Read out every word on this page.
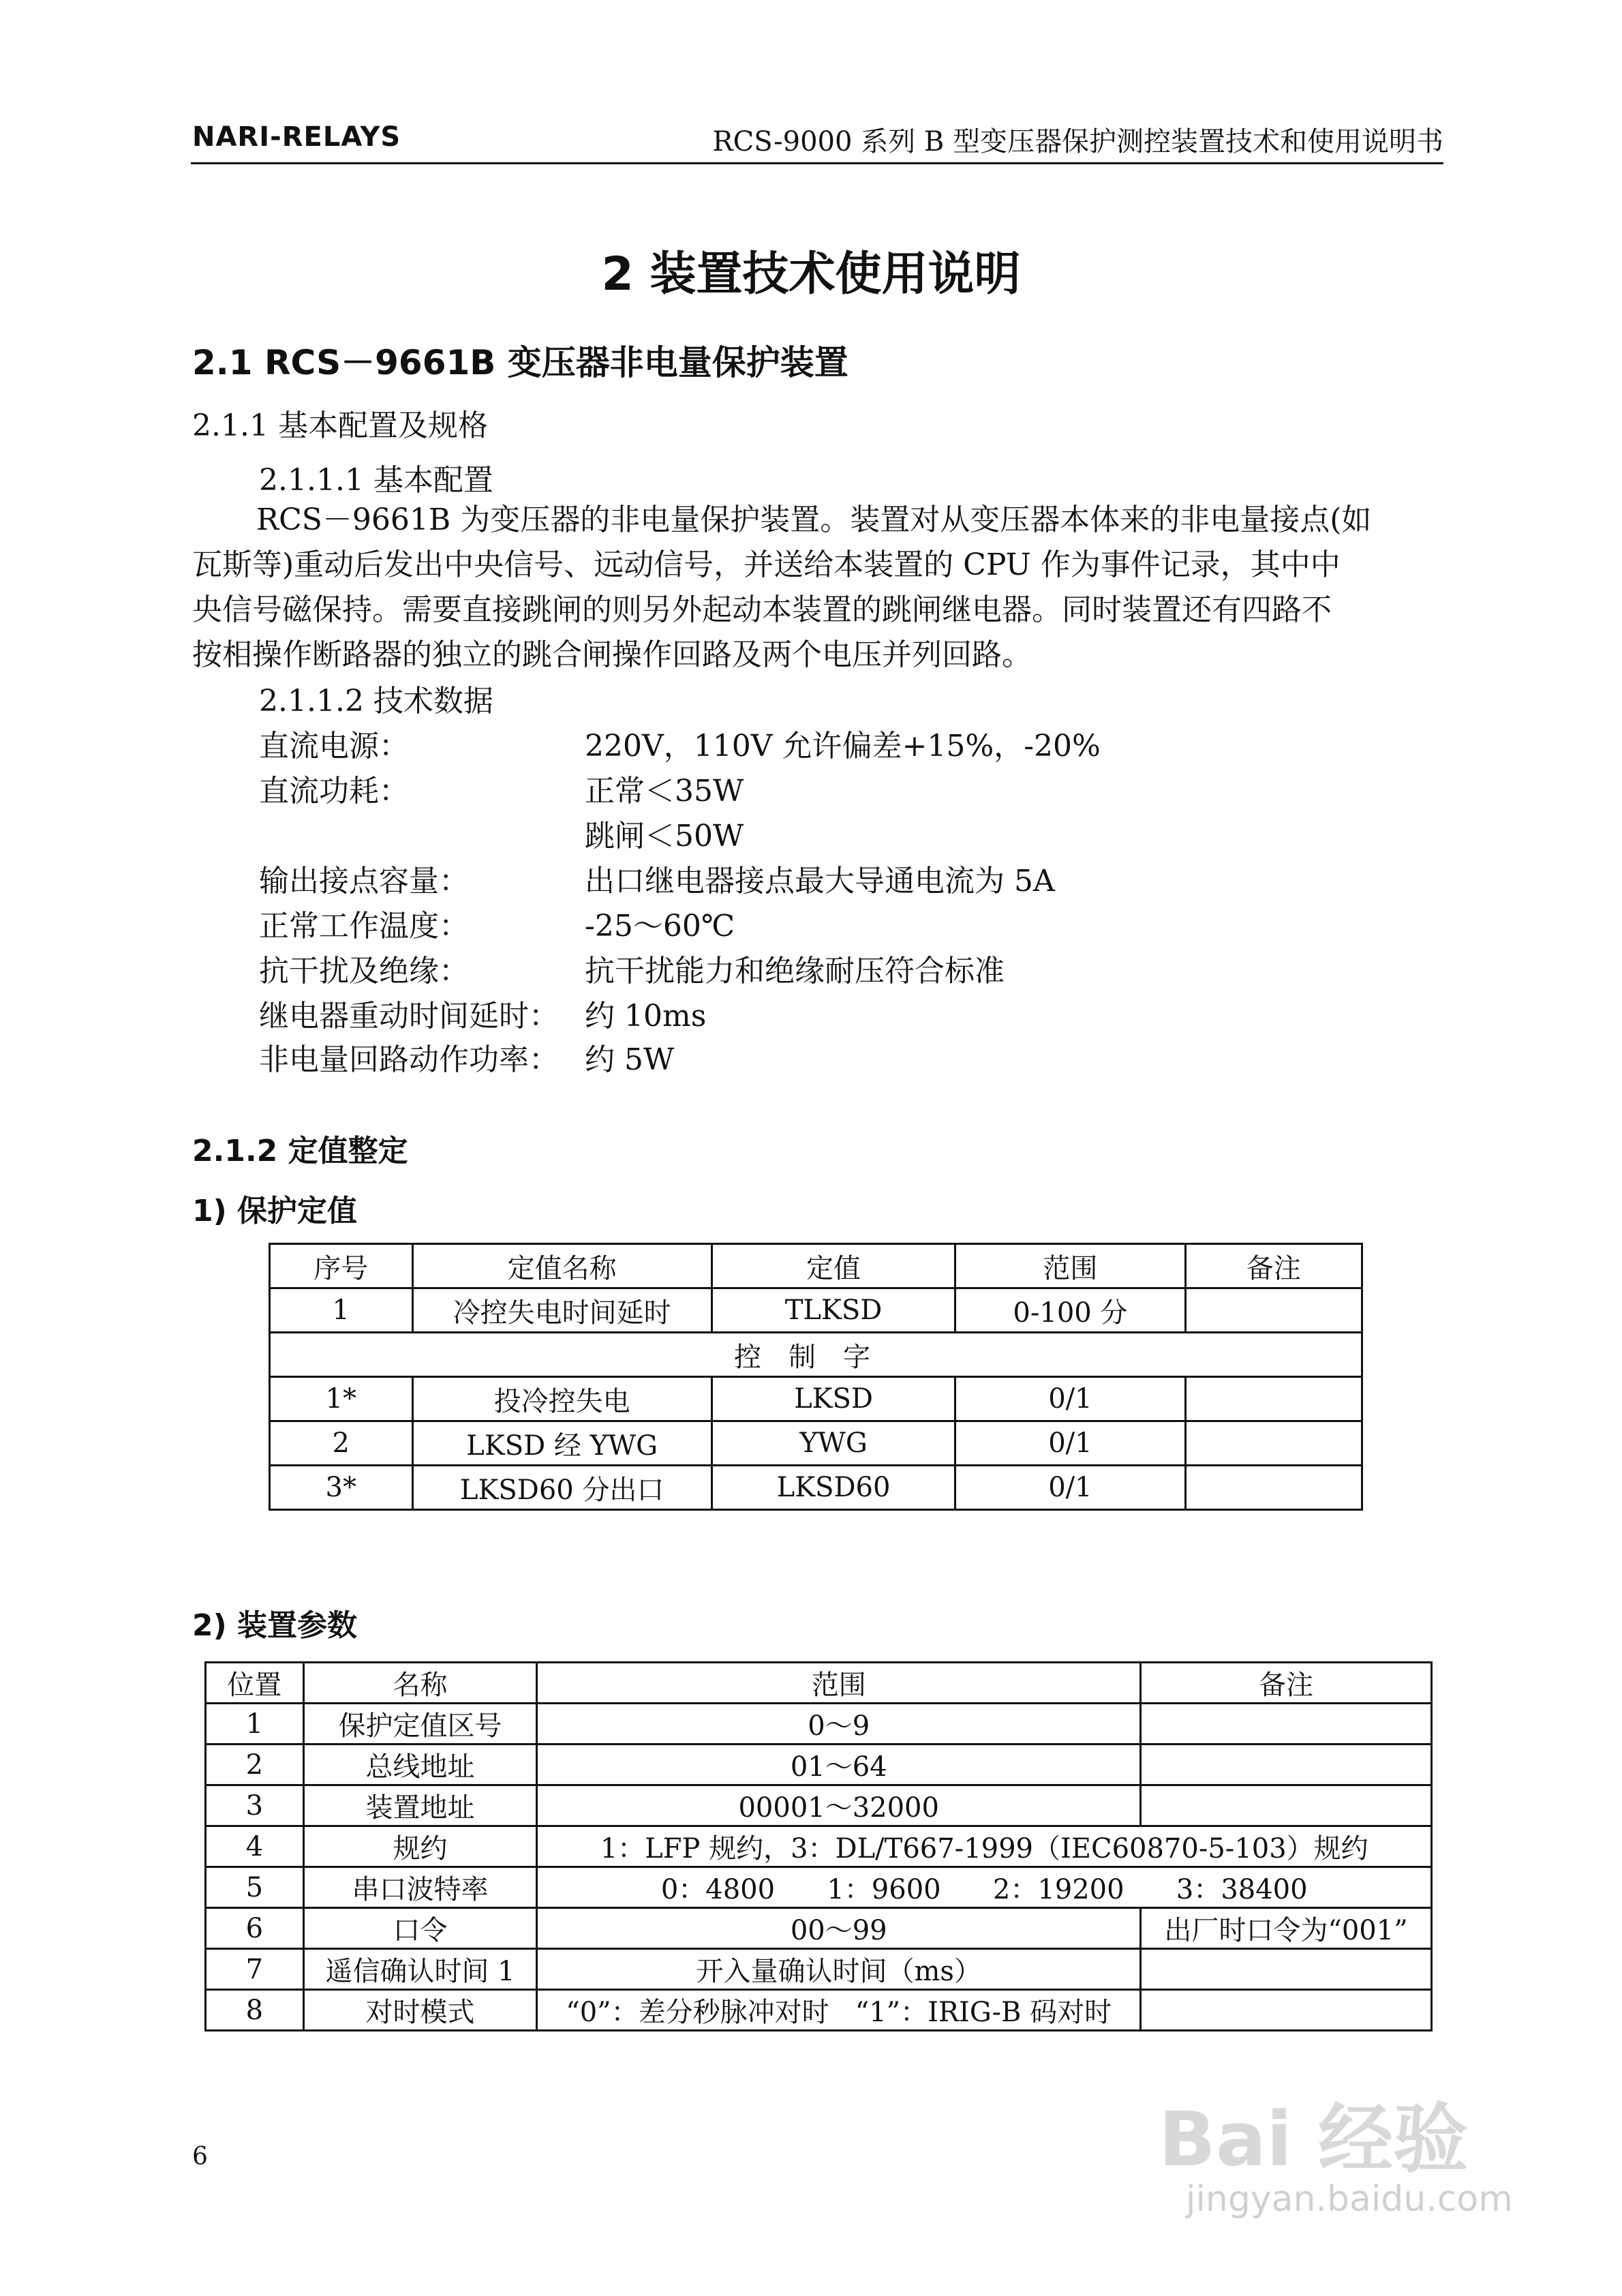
NARI-RELAYS	RCS-9000 系列 B 型变压器保护测控装置技术和使用说明书
2 装置技术使用说明
2.1 RCS－9661B 变压器非电量保护装置
2.1.1 基本配置及规格
2.1.1.1 基本配置

RCS－9661B 为变压器的非电量保护装置。装置对从变压器本体来的非电量接点(如

瓦斯等)重动后发出中央信号、远动信号，并送给本装置的 CPU 作为事件记录，其中中

央信号磁保持。需要直接跳闸的则另外起动本装置的跳闸继电器。同时装置还有四路不

按相操作断路器的独立的跳合闸操作回路及两个电压并列回路。

2.1.1.2 技术数据
直流电源：	220V，110V 允许偏差+15%，-20%
直流功耗：	正常＜35W
跳闸＜50W
输出接点容量：	出口继电器接点最大导通电流为 5A
正常工作温度：	-25～60℃
抗干扰及绝缘：	抗干扰能力和绝缘耐压符合标准
继电器重动时间延时： 约 10ms
非电量回路动作功率： 约 5W
2.1.2 定值整定
1) 保护定值
序号	定值名称	定值	范围	备注
1	冷控失电时间延时	TLKSD	0-100 分	
控制字				
1*	投冷控失电	LKSD	0/1	
2	LKSD 经 YWG	YWG	0/1	
3*	LKSD60 分出口	LKSD60	0/1	
2) 装置参数
位置	名称	范围	备注
1	保护定值区号	0～9	
2	总线地址	01～64	
3	装置地址	00001～32000	
4	规约	1：LFP 规约，3：DL/T667-1999（IEC60870-5-103）规约	
5	串口波特率	0：4800      1：9600      2：19200      3：38400	
6	口令	00～99	出厂时口令为“001”
7	遥信确认时间 1	开入量确认时间（ms）	
8	对时模式	“0”：差分秒脉冲对时   “1”：IRIG-B 码对时	
6	Bai 经验
jingyan.baidu.com
